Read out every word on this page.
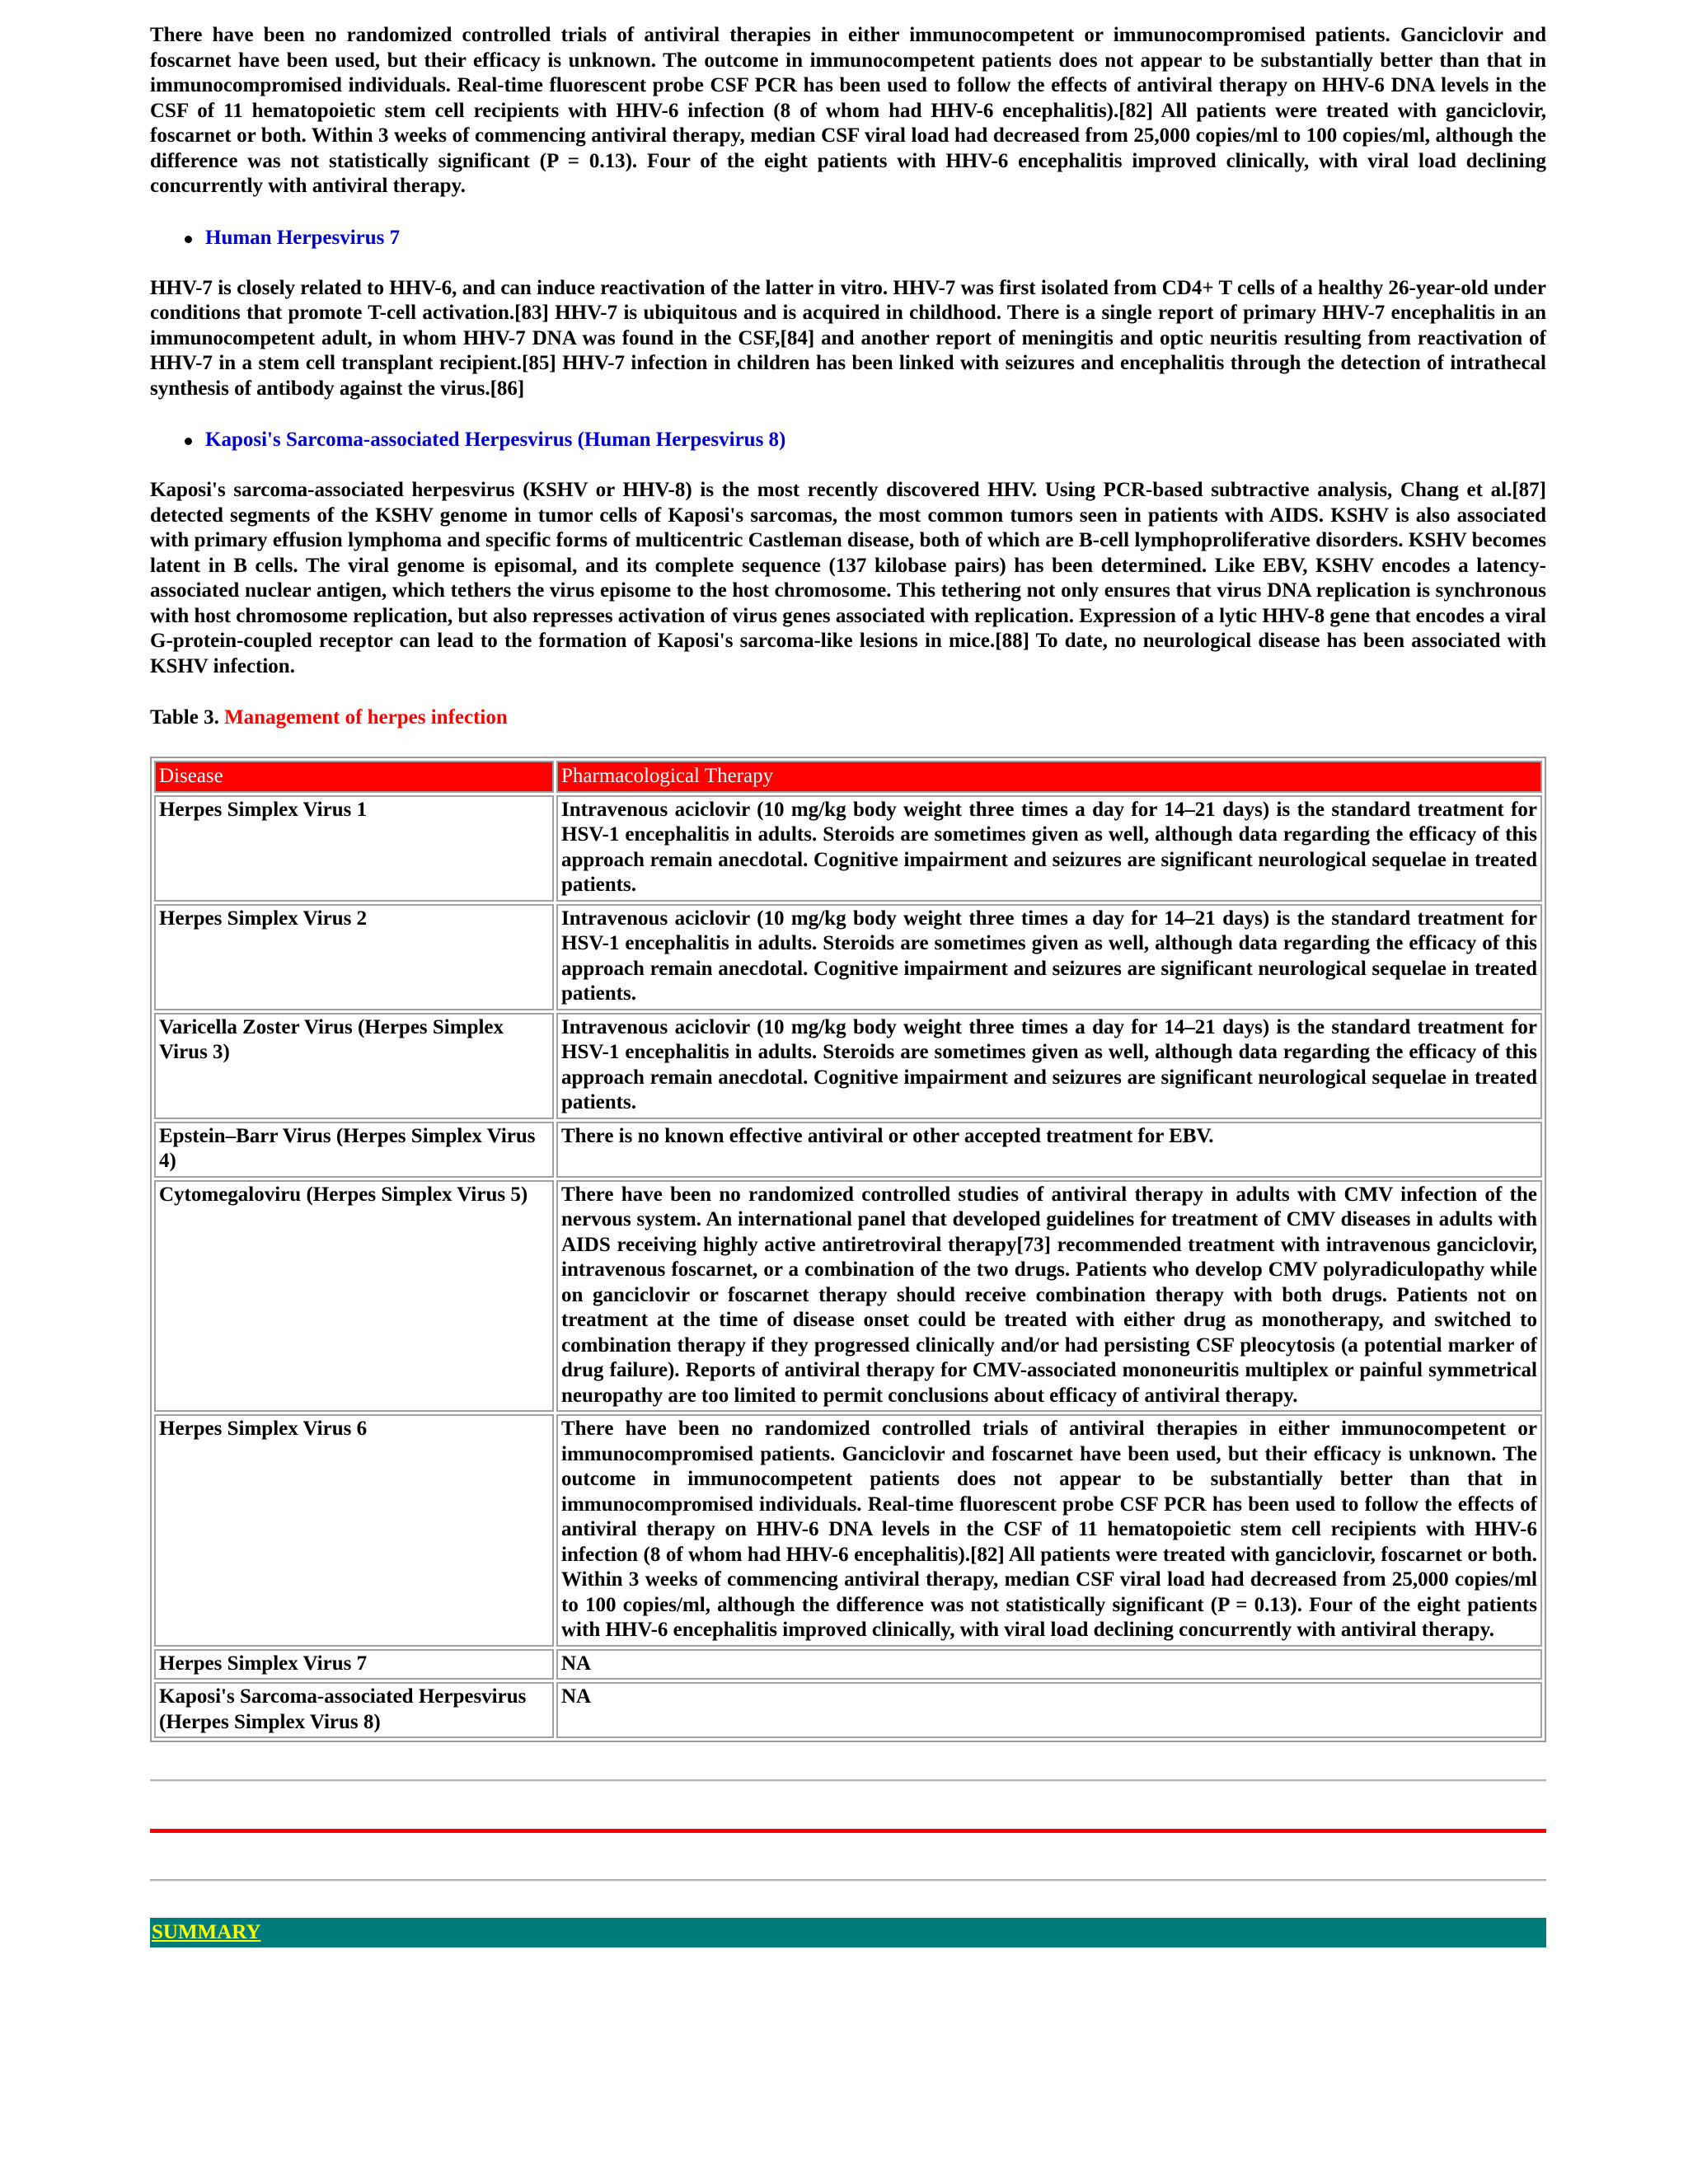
There have been no randomized controlled trials of antiviral therapies in either immunocompetent or immunocompromised patients. Ganciclovir and foscarnet have been used, but their efficacy is unknown. The outcome in immunocompetent patients does not appear to be substantially better than that in immunocompromised individuals. Real-time fluorescent probe CSF PCR has been used to follow the effects of antiviral therapy on HHV-6 DNA levels in the CSF of 11 hematopoietic stem cell recipients with HHV-6 infection (8 of whom had HHV-6 encephalitis).[82] All patients were treated with ganciclovir, foscarnet or both. Within 3 weeks of commencing antiviral therapy, median CSF viral load had decreased from 25,000 copies/ml to 100 copies/ml, although the difference was not statistically significant (P = 0.13). Four of the eight patients with HHV-6 encephalitis improved clinically, with viral load declining concurrently with antiviral therapy.

Human Herpesvirus 7

HHV-7 is closely related to HHV-6, and can induce reactivation of the latter in vitro. HHV-7 was first isolated from CD4+ T cells of a healthy 26-year-old under conditions that promote T-cell activation.[83] HHV-7 is ubiquitous and is acquired in childhood. There is a single report of primary HHV-7 encephalitis in an immunocompetent adult, in whom HHV-7 DNA was found in the CSF,[84] and another report of meningitis and optic neuritis resulting from reactivation of HHV-7 in a stem cell transplant recipient.[85] HHV-7 infection in children has been linked with seizures and encephalitis through the detection of intrathecal synthesis of antibody against the virus.[86]

Kaposi's Sarcoma-associated Herpesvirus (Human Herpesvirus 8)

Kaposi's sarcoma-associated herpesvirus (KSHV or HHV-8) is the most recently discovered HHV. Using PCR-based subtractive analysis, Chang et al.[87] detected segments of the KSHV genome in tumor cells of Kaposi's sarcomas, the most common tumors seen in patients with AIDS. KSHV is also associated with primary effusion lymphoma and specific forms of multicentric Castleman disease, both of which are B-cell lymphoproliferative disorders. KSHV becomes latent in B cells. The viral genome is episomal, and its complete sequence (137 kilobase pairs) has been determined. Like EBV, KSHV encodes a latency-associated nuclear antigen, which tethers the virus episome to the host chromosome. This tethering not only ensures that virus DNA replication is synchronous with host chromosome replication, but also represses activation of virus genes associated with replication. Expression of a lytic HHV-8 gene that encodes a viral G-protein-coupled receptor can lead to the formation of Kaposi's sarcoma-like lesions in mice.[88] To date, no neurological disease has been associated with KSHV infection.

Table 3. Management of herpes infection
Disease	Pharmacological Therapy
Herpes Simplex Virus 1	Intravenous aciclovir (10 mg/kg body weight three times a day for 14–21 days) is the standard treatment for HSV-1 encephalitis in adults. Steroids are sometimes given as well, although data regarding the efficacy of this approach remain anecdotal. Cognitive impairment and seizures are significant neurological sequelae in treated patients.
Herpes Simplex Virus 2	Intravenous aciclovir (10 mg/kg body weight three times a day for 14–21 days) is the standard treatment for HSV-1 encephalitis in adults. Steroids are sometimes given as well, although data regarding the efficacy of this approach remain anecdotal. Cognitive impairment and seizures are significant neurological sequelae in treated patients.
Varicella Zoster Virus (Herpes Simplex Virus 3)	Intravenous aciclovir (10 mg/kg body weight three times a day for 14–21 days) is the standard treatment for HSV-1 encephalitis in adults. Steroids are sometimes given as well, although data regarding the efficacy of this approach remain anecdotal. Cognitive impairment and seizures are significant neurological sequelae in treated patients.
Epstein–Barr Virus (Herpes Simplex Virus 4)	There is no known effective antiviral or other accepted treatment for EBV.
Cytomegaloviru (Herpes Simplex Virus 5)	There have been no randomized controlled studies of antiviral therapy in adults with CMV infection of the nervous system. An international panel that developed guidelines for treatment of CMV diseases in adults with AIDS receiving highly active antiretroviral therapy[73] recommended treatment with intravenous ganciclovir, intravenous foscarnet, or a combination of the two drugs. Patients who develop CMV polyradiculopathy while on ganciclovir or foscarnet therapy should receive combination therapy with both drugs. Patients not on treatment at the time of disease onset could be treated with either drug as monotherapy, and switched to combination therapy if they progressed clinically and/or had persisting CSF pleocytosis (a potential marker of drug failure). Reports of antiviral therapy for CMV-associated mononeuritis multiplex or painful symmetrical neuropathy are too limited to permit conclusions about efficacy of antiviral therapy.
Herpes Simplex Virus 6	There have been no randomized controlled trials of antiviral therapies in either immunocompetent or immunocompromised patients. Ganciclovir and foscarnet have been used, but their efficacy is unknown. The outcome in immunocompetent patients does not appear to be substantially better than that in immunocompromised individuals. Real-time fluorescent probe CSF PCR has been used to follow the effects of antiviral therapy on HHV-6 DNA levels in the CSF of 11 hematopoietic stem cell recipients with HHV-6 infection (8 of whom had HHV-6 encephalitis).[82] All patients were treated with ganciclovir, foscarnet or both. Within 3 weeks of commencing antiviral therapy, median CSF viral load had decreased from 25,000 copies/ml to 100 copies/ml, although the difference was not statistically significant (P = 0.13). Four of the eight patients with HHV-6 encephalitis improved clinically, with viral load declining concurrently with antiviral therapy.
Herpes Simplex Virus 7	NA
Kaposi's Sarcoma-associated Herpesvirus (Herpes Simplex Virus 8)	NA
SUMMARY
